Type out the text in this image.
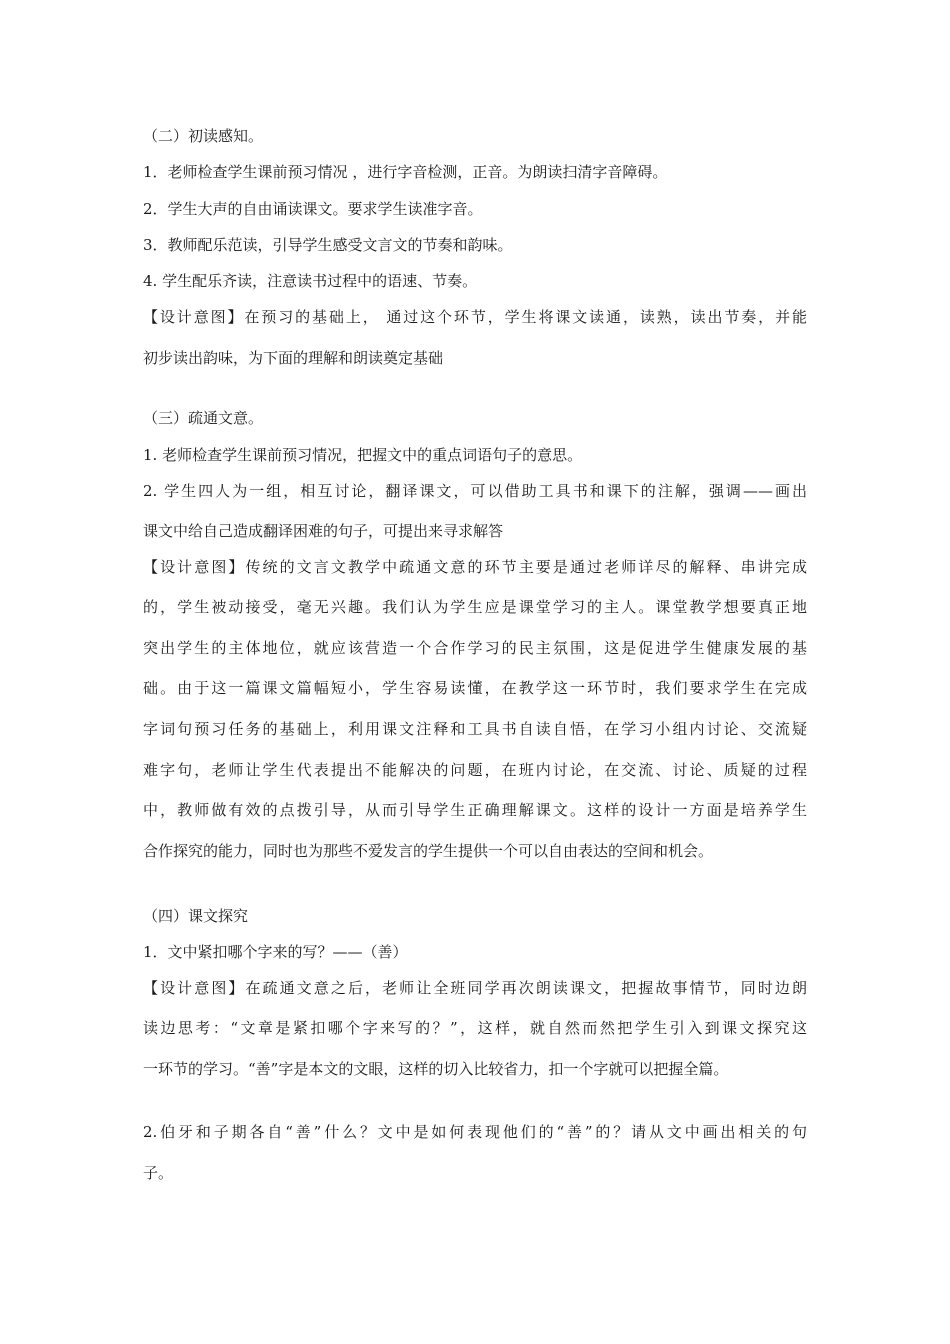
（二）初读感知。
1．老师检查学生课前预习情况 ，进行字音检测，正音。为朗读扫清字音障碍。
2．学生大声的自由诵读课文。要求学生读准字音。
3．教师配乐范读，引导学生感受文言文的节奏和韵味。
4. 学生配乐齐读，注意读书过程中的语速、节奏。
【设计意图】在预习的基础上， 通过这个环节，学生将课文读通，读熟，读出节奏，并能
初步读出韵味，为下面的理解和朗读奠定基础
（三）疏通文意。
1. 老师检查学生课前预习情况，把握文中的重点词语句子的意思。
2. 学生四人为一组，相互讨论，翻译课文，可以借助工具书和课下的注解，强调——画出
课文中给自己造成翻译困难的句子，可提出来寻求解答
【设计意图】传统的文言文教学中疏通文意的环节主要是通过老师详尽的解释、串讲完成
的，学生被动接受，毫无兴趣。我们认为学生应是课堂学习的主人。课堂教学想要真正地
突出学生的主体地位，就应该营造一个合作学习的民主氛围，这是促进学生健康发展的基
础。由于这一篇课文篇幅短小，学生容易读懂，在教学这一环节时，我们要求学生在完成
字词句预习任务的基础上，利用课文注释和工具书自读自悟，在学习小组内讨论、交流疑
难字句，老师让学生代表提出不能解决的问题，在班内讨论，在交流、讨论、质疑的过程
中，教师做有效的点拨引导，从而引导学生正确理解课文。这样的设计一方面是培养学生
合作探究的能力，同时也为那些不爱发言的学生提供一个可以自由表达的空间和机会。
（四）课文探究
1．文中紧扣哪个字来的写？——（善）
【设计意图】在疏通文意之后，老师让全班同学再次朗读课文，把握故事情节，同时边朗
读边思考：“文章是紧扣哪个字来写的？”，这样，就自然而然把学生引入到课文探究这
一环节的学习。“善”字是本文的文眼，这样的切入比较省力，扣一个字就可以把握全篇。
2.伯牙和子期各自“善”什么？文中是如何表现他们的“善”的？请从文中画出相关的句
子。
